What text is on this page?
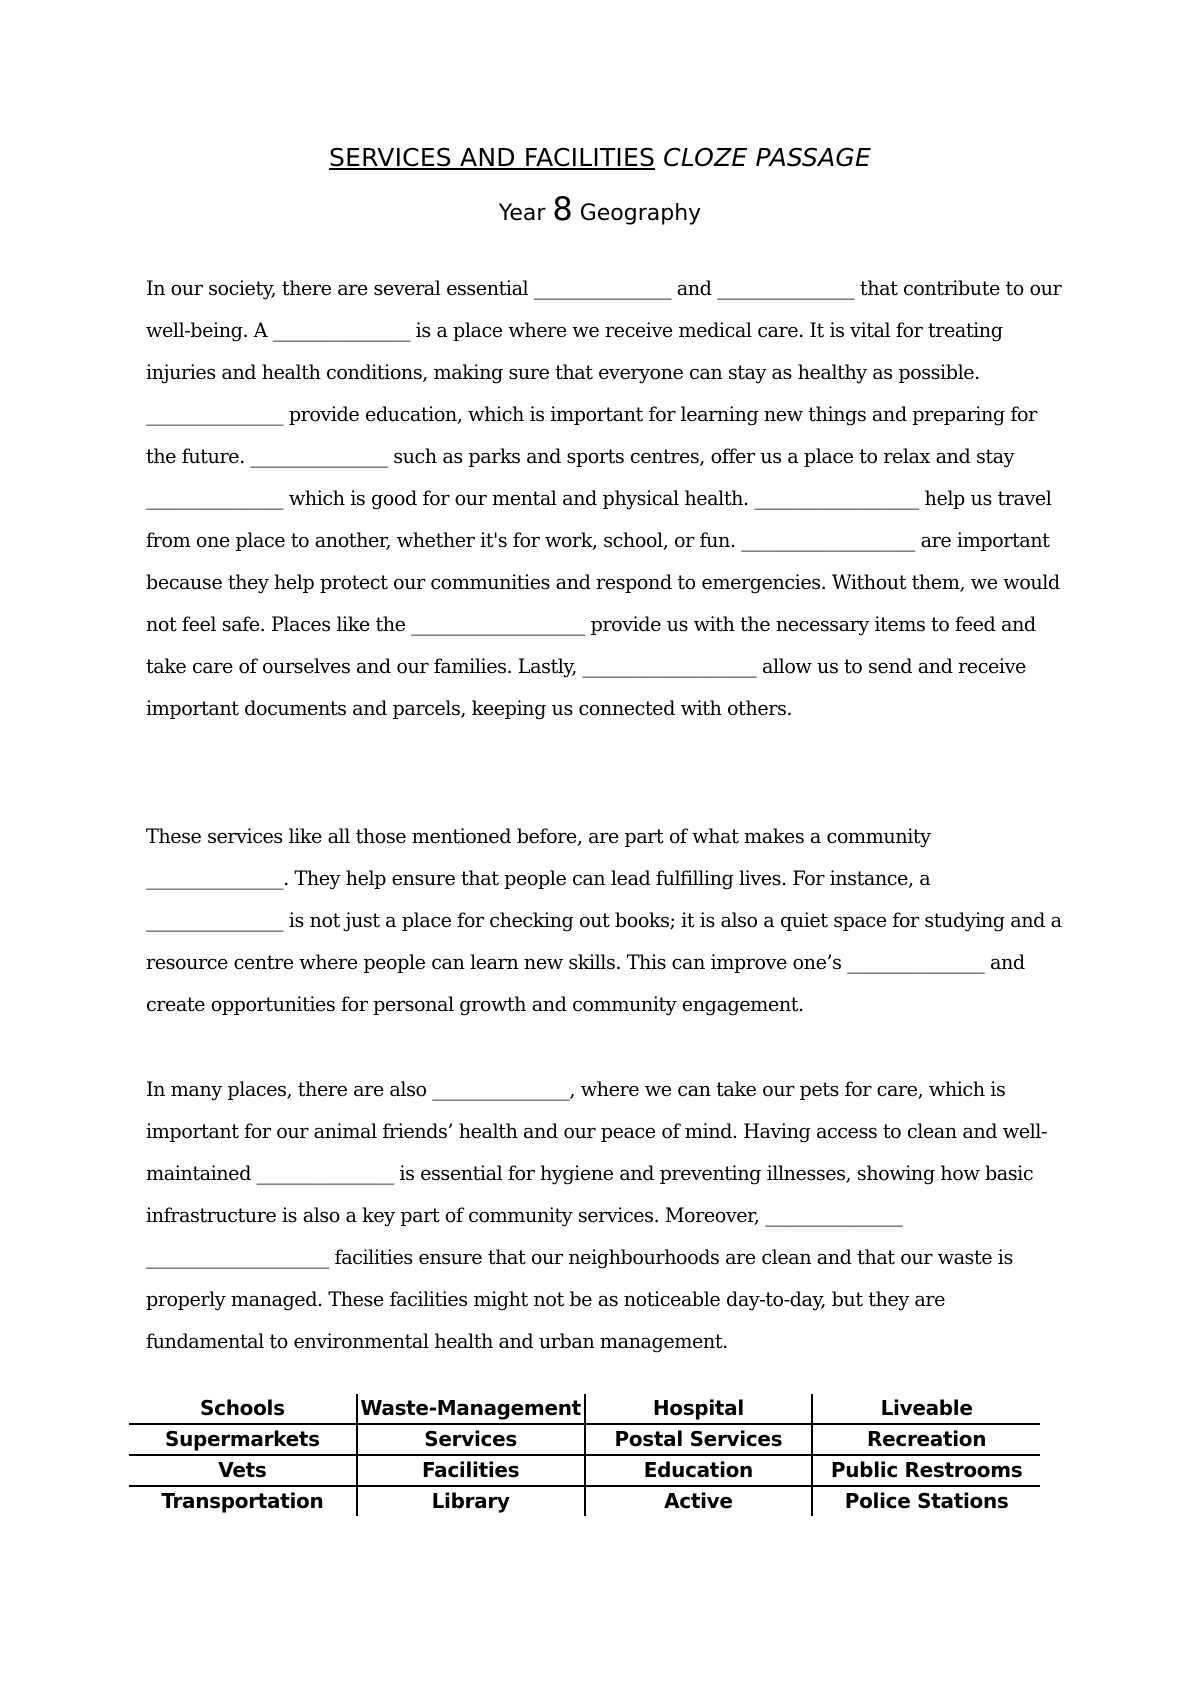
SERVICES AND FACILITIES CLOZE PASSAGE
Year 8 Geography
In our society, there are several essential _______________ and _______________ that contribute to our well-being. A _______________ is a place where we receive medical care. It is vital for treating injuries and health conditions, making sure that everyone can stay as healthy as possible. _______________ provide education, which is important for learning new things and preparing for the future. _______________ such as parks and sports centres, offer us a place to relax and stay _______________ which is good for our mental and physical health. __________________ help us travel from one place to another, whether it's for work, school, or fun. ___________________ are important because they help protect our communities and respond to emergencies. Without them, we would not feel safe. Places like the ___________________ provide us with the necessary items to feed and take care of ourselves and our families. Lastly, ___________________ allow us to send and receive important documents and parcels, keeping us connected with others.
These services like all those mentioned before, are part of what makes a community _______________. They help ensure that people can lead fulfilling lives. For instance, a _______________ is not just a place for checking out books; it is also a quiet space for studying and a resource centre where people can learn new skills. This can improve one’s _______________ and create opportunities for personal growth and community engagement.
In many places, there are also _______________, where we can take our pets for care, which is important for our animal friends’ health and our peace of mind. Having access to clean and well-maintained _______________ is essential for hygiene and preventing illnesses, showing how basic infrastructure is also a key part of community services. Moreover, _______________ ____________________ facilities ensure that our neighbourhoods are clean and that our waste is properly managed. These facilities might not be as noticeable day-to-day, but they are fundamental to environmental health and urban management.
Schools	Waste-Management	Hospital	Liveable
Supermarkets	Services	Postal Services	Recreation
Vets	Facilities	Education	Public Restrooms
Transportation	Library	Active	Police Stations
